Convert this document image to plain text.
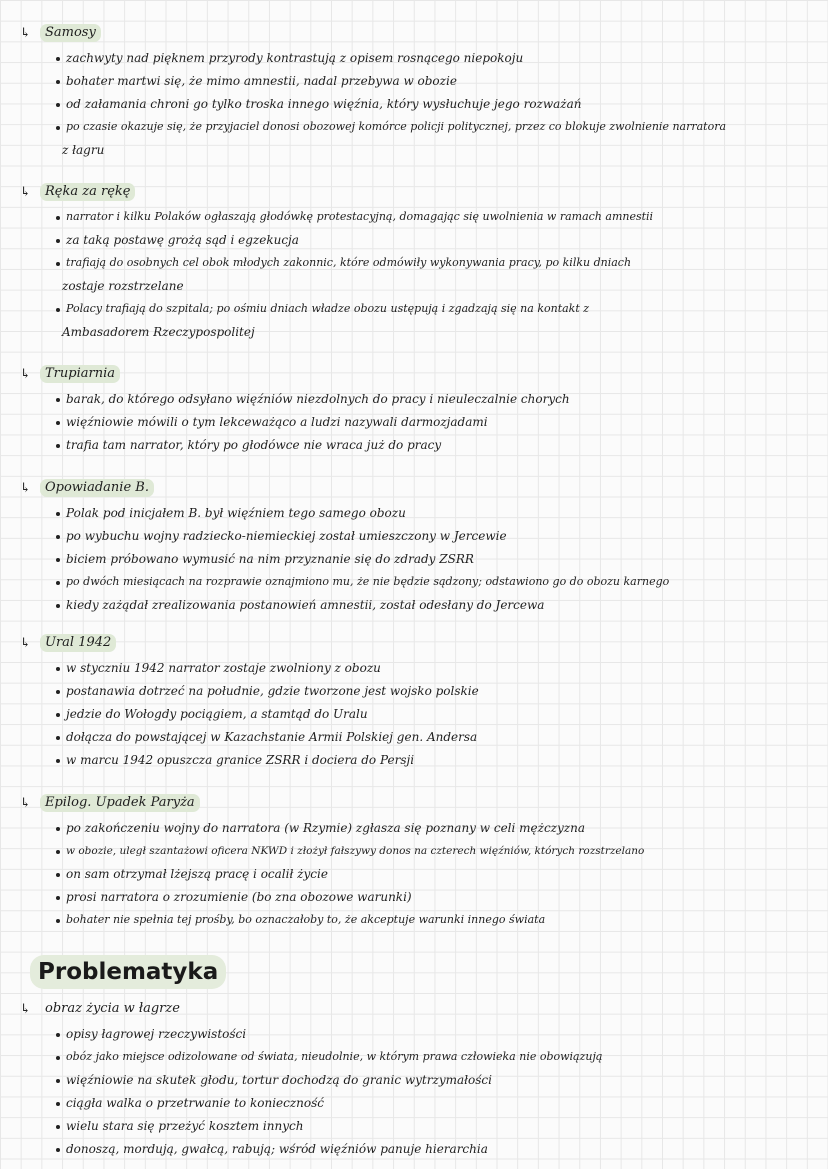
↳	Samosy
zachwyty nad pięknem przyrody kontrastują z opisem rosnącego niepokoju
bohater martwi się, że mimo amnestii, nadal przebywa w obozie
od załamania chroni go tylko troska innego więźnia, który wysłuchuje jego rozważań
po czasie okazuje się, że przyjaciel donosi obozowej komórce policji politycznej, przez co blokuje zwolnienie narratora
z łagru
↳	Ręka za rękę
narrator i kilku Polaków ogłaszają głodówkę protestacyjną, domagając się uwolnienia w ramach amnestii
za taką postawę grożą sąd i egzekucja
trafiają do osobnych cel obok młodych zakonnic, które odmówiły wykonywania pracy, po kilku dniach
zostaje rozstrzelane
Polacy trafiają do szpitala; po ośmiu dniach władze obozu ustępują i zgadzają się na kontakt z
Ambasadorem Rzeczypospolitej
↳	Trupiarnia
barak, do którego odsyłano więźniów niezdolnych do pracy i nieuleczalnie chorych
więźniowie mówili o tym lekceważąco a ludzi nazywali darmozjadami
trafia tam narrator, który po głodówce nie wraca już do pracy
↳	Opowiadanie B.
Polak pod inicjałem B. był więźniem tego samego obozu
po wybuchu wojny radziecko-niemieckiej został umieszczony w Jercewie
biciem próbowano wymusić na nim przyznanie się do zdrady ZSRR
po dwóch miesiącach na rozprawie oznajmiono mu, że nie będzie sądzony; odstawiono go do obozu karnego
kiedy zażądał zrealizowania postanowień amnestii, został odesłany do Jercewa
↳	Ural 1942
w styczniu 1942 narrator zostaje zwolniony z obozu
postanawia dotrzeć na południe, gdzie tworzone jest wojsko polskie
jedzie do Wołogdy pociągiem, a stamtąd do Uralu
dołącza do powstającej w Kazachstanie Armii Polskiej gen. Andersa
w marcu 1942 opuszcza granice ZSRR i dociera do Persji
↳	Epilog. Upadek Paryża
po zakończeniu wojny do narratora (w Rzymie) zgłasza się poznany w celi mężczyzna
w obozie, uległ szantażowi oficera NKWD i złożył fałszywy donos na czterech więźniów, których rozstrzelano
on sam otrzymał lżejszą pracę i ocalił życie
prosi narratora o zrozumienie (bo zna obozowe warunki)
bohater nie spełnia tej prośby, bo oznaczałoby to, że akceptuje warunki innego świata
Problematyka
↳	obraz życia w łagrze
opisy łagrowej rzeczywistości
obóz jako miejsce odizolowane od świata, nieudolnie, w którym prawa człowieka nie obowiązują
więźniowie na skutek głodu, tortur dochodzą do granic wytrzymałości
ciągła walka o przetrwanie to konieczność
wielu stara się przeżyć kosztem innych
donoszą, mordują, gwałcą, rabują; wśród więźniów panuje hierarchia
